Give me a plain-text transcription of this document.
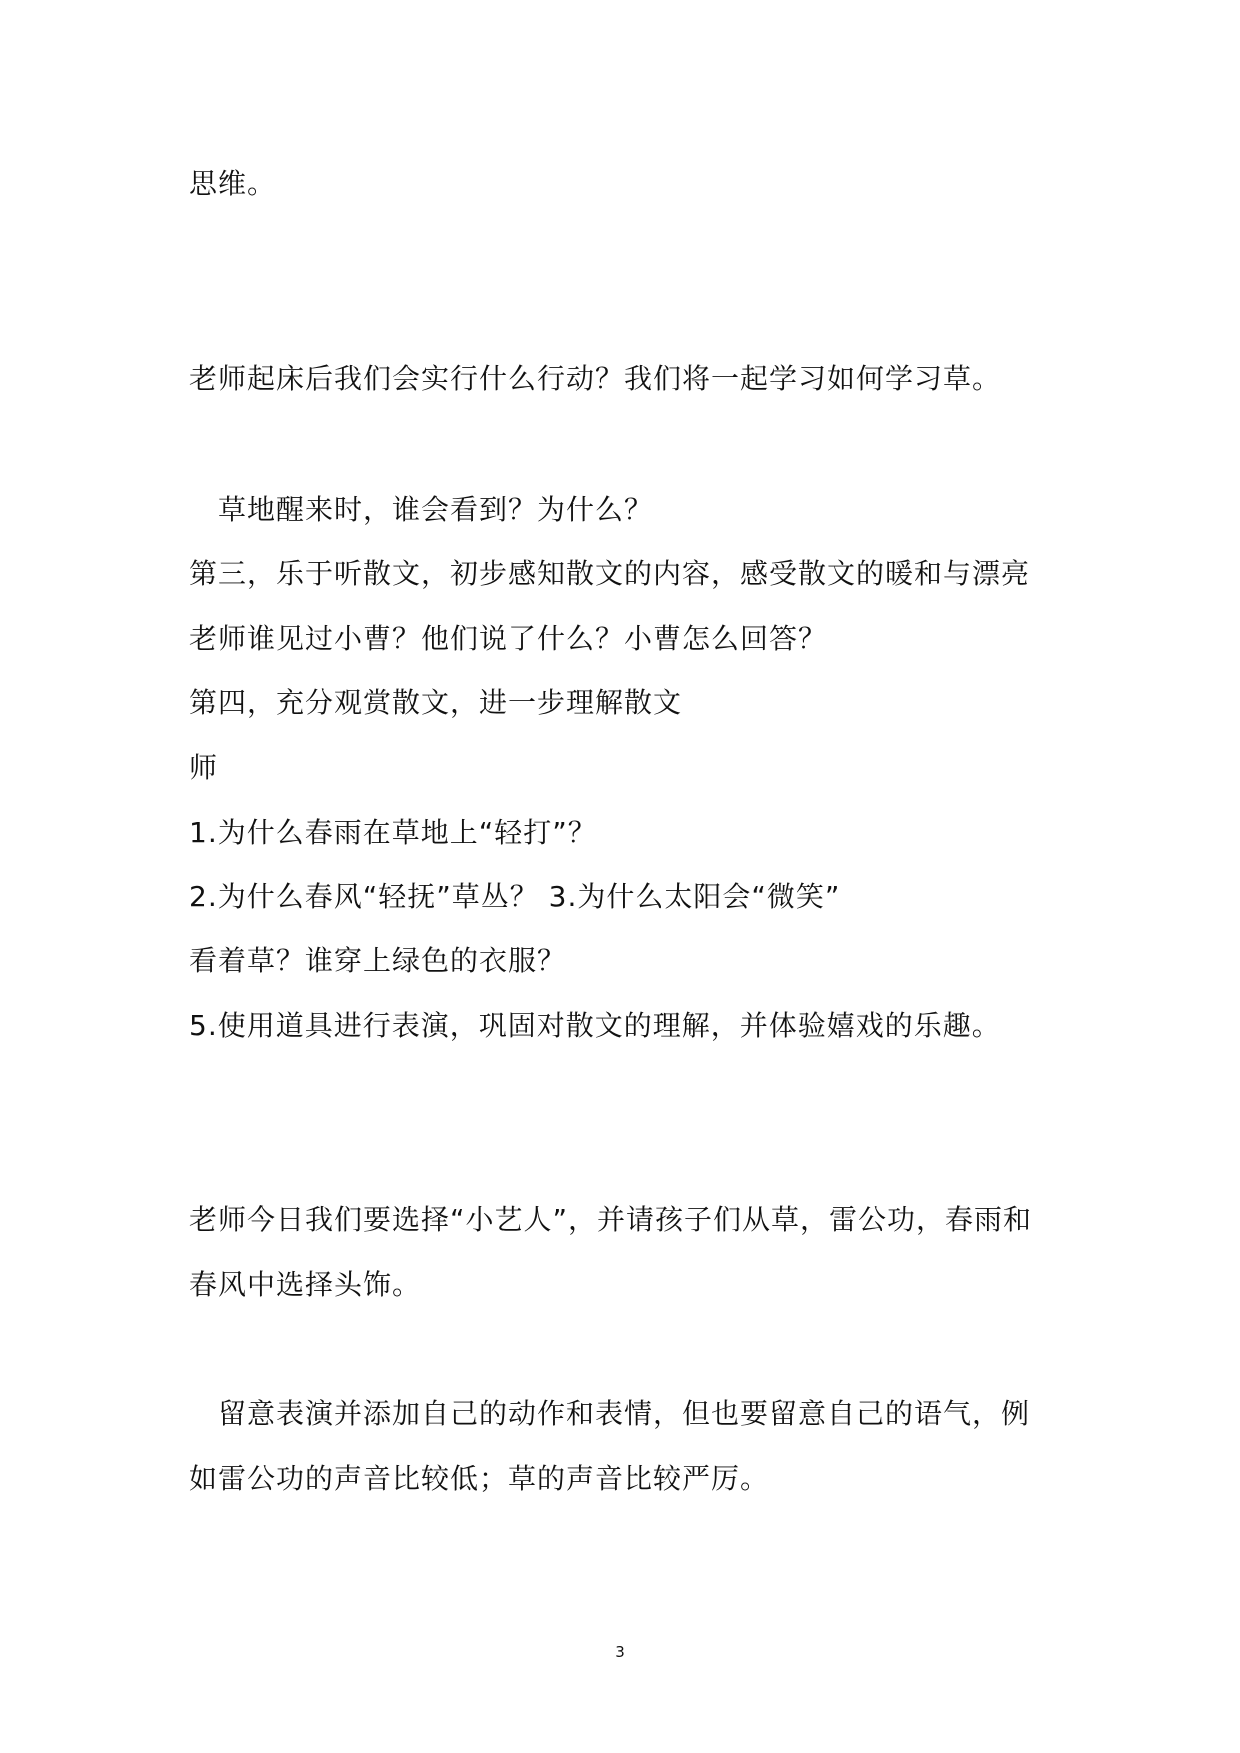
思维。
老师起床后我们会实行什么行动？我们将一起学习如何学习草。
草地醒来时，谁会看到？为什么？
第三，乐于听散文，初步感知散文的内容，感受散文的暖和与漂亮
老师谁见过小曹？他们说了什么？小曹怎么回答？
第四，充分观赏散文，进一步理解散文
师
1.为什么春雨在草地上“轻打”？
2.为什么春风“轻抚”草丛？ 3.为什么太阳会“微笑”
看着草？谁穿上绿色的衣服？
5.使用道具进行表演，巩固对散文的理解，并体验嬉戏的乐趣。
老师今日我们要选择“小艺人”，并请孩子们从草，雷公功，春雨和
春风中选择头饰。
留意表演并添加自己的动作和表情，但也要留意自己的语气，例
如雷公功的声音比较低；草的声音比较严厉。
3
